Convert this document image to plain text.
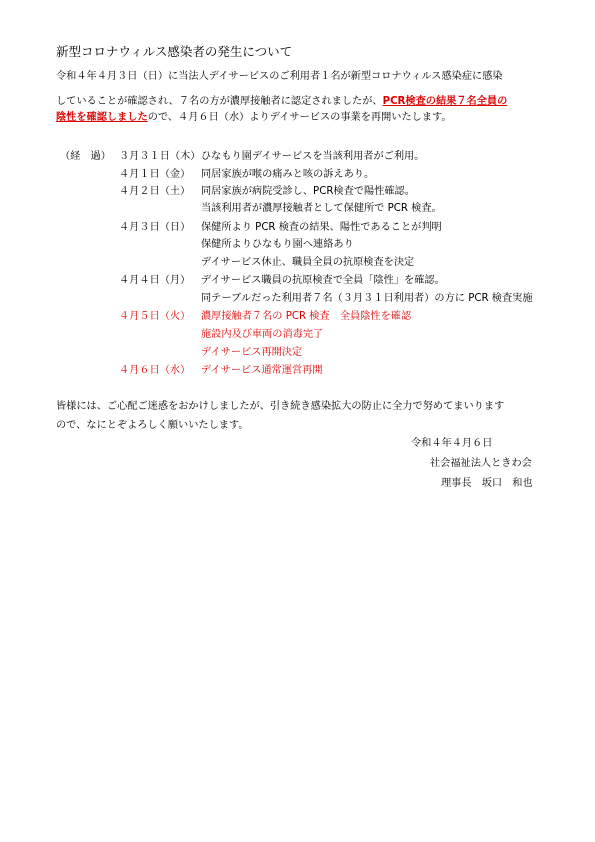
新型コロナウィルス感染者の発生について
令和４年４月３日（日）に当法人デイサービスのご利用者１名が新型コロナウィルス感染症に感染
していることが確認され、７名の方が濃厚接触者に認定されましたが、PCR検査の結果７名全員の
陰性を確認しましたので、４月６日（水）よりデイサービスの事業を再開いたします。
（経　過） ３月３１日（木） ひなもり園デイサービスを当該利用者がご利用。
４月１日（金） 同居家族が喉の痛みと咳の訴えあり。
４月２日（土） 同居家族が病院受診し、PCR検査で陽性確認。
当該利用者が濃厚接触者として保健所で PCR 検査。
４月３日（日） 保健所より PCR 検査の結果、陽性であることが判明
保健所よりひなもり園へ連絡あり
デイサービス休止、職員全員の抗原検査を決定
４月４日（月） デイサービス職員の抗原検査で全員「陰性」を確認。
同テーブルだった利用者７名（３月３１日利用者）の方に PCR 検査実施
４月５日（火） 濃厚接触者７名の PCR 検査　全員陰性を確認
施設内及び車両の消毒完了
デイサービス再開決定
４月６日（水） デイサービス通常運営再開
皆様には、ご心配ご迷惑をおかけしましたが、引き続き感染拡大の防止に全力で努めてまいります
ので、なにとぞよろしく願いいたします。
令和４年４月６日
社会福祉法人ときわ会
理事長　坂口　和也
